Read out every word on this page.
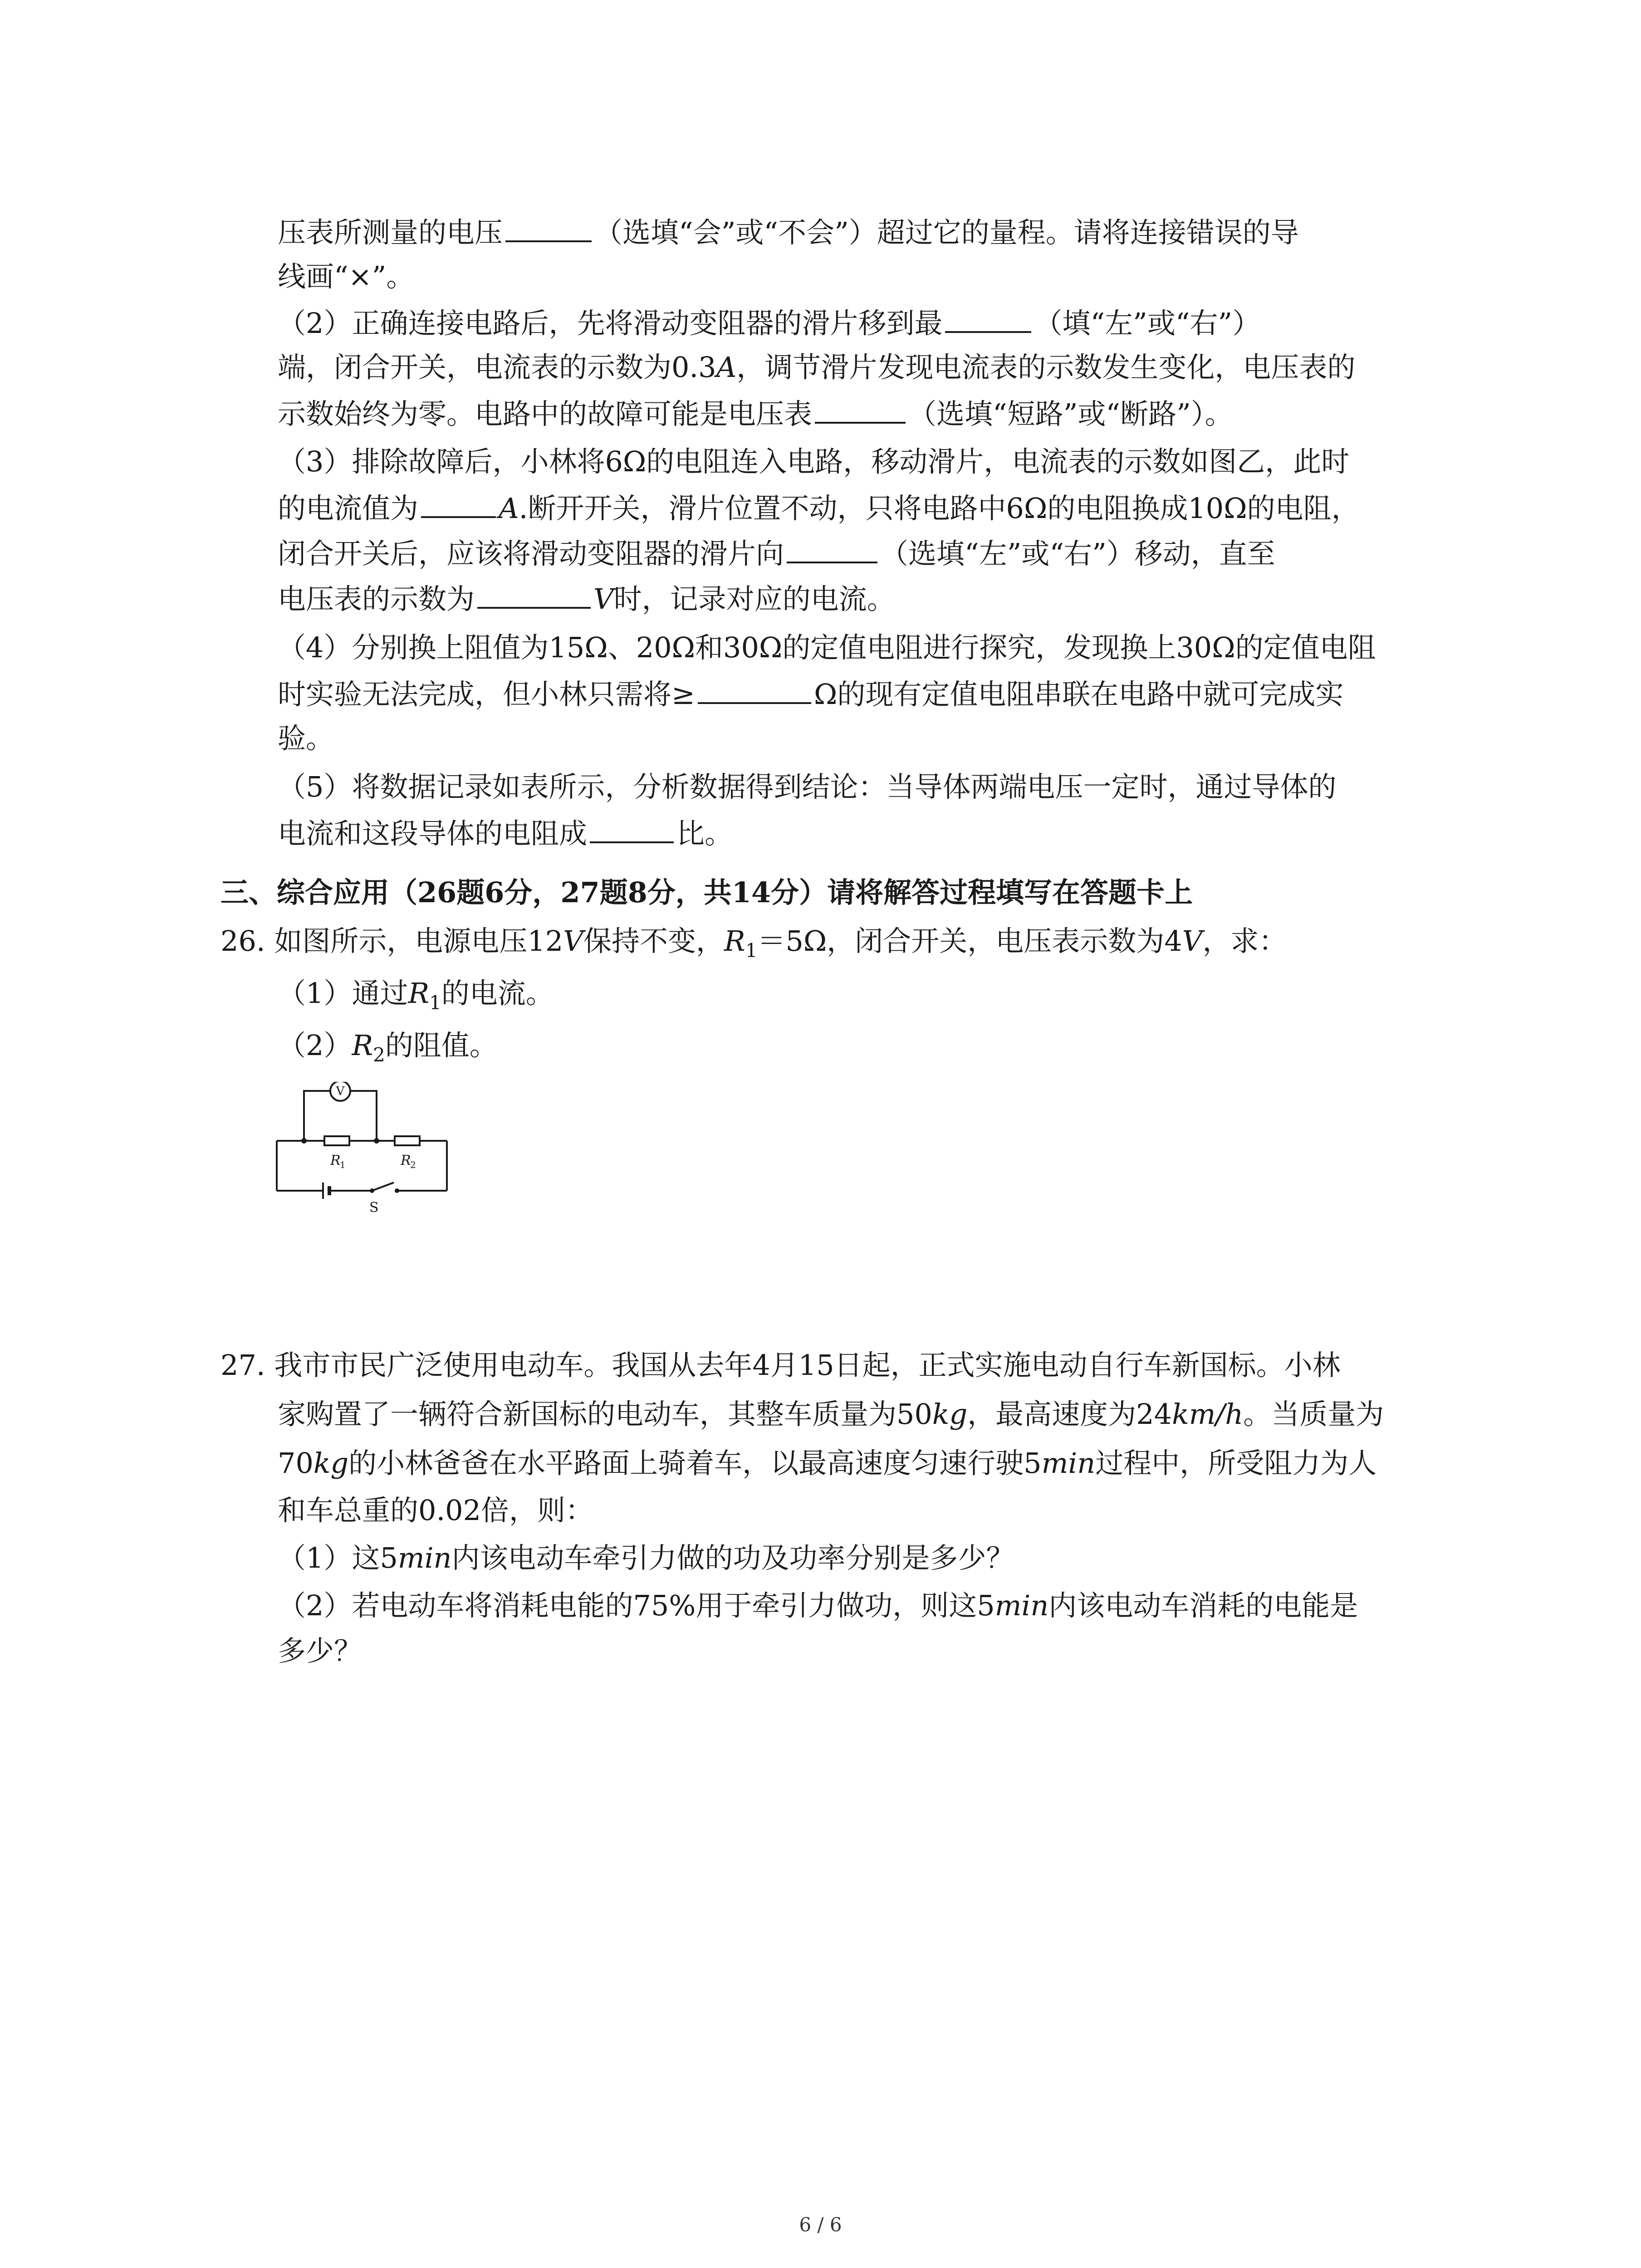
压表所测量的电压	（选填“会”或“不会”）超过它的量程。请将连接错误的导
线画“×”。
（2）正确连接电路后，先将滑动变阻器的滑片移到最	（填“左”或“右”）
端，闭合开关，电流表的示数为0.3A，调节滑片发现电流表的示数发生变化，电压表的
示数始终为零。电路中的故障可能是电压表	（选填“短路”或“断路”）。
（3）排除故障后，小林将6Ω的电阻连入电路，移动滑片，电流表的示数如图乙，此时
的电流值为	A.断开开关，滑片位置不动，只将电路中6Ω的电阻换成10Ω的电阻，
闭合开关后，应该将滑动变阻器的滑片向	（选填“左”或“右”）移动，直至
电压表的示数为	V时，记录对应的电流。
（4）分别换上阻值为15Ω、20Ω和30Ω的定值电阻进行探究，发现换上30Ω的定值电阻
时实验无法完成，但小林只需将≥	Ω的现有定值电阻串联在电路中就可完成实
验。
（5）将数据记录如表所示，分析数据得到结论：当导体两端电压一定时，通过导体的
电流和这段导体的电阻成	比。
三、综合应用（26题6分，27题8分，共14分）请将解答过程填写在答题卡上
26. 如图所示，电源电压12V保持不变，$R_1=5\Omega$，闭合开关，电压表示数为4V，求：
（1）通过$R_1$的电流。
$(2)R_2$的阻值。
V
R
1	R
2
S
27. 我市市民广泛使用电动车。我国从去年4月15日起，正式实施电动自行车新国标。小林
家购置了一辆符合新国标的电动车，其整车质量为50kg，最高速度为24km/h。当质量为
70kg的小林爸爸在水平路面上骑着车，以最高速度匀速行驶5min过程中，所受阻力为人
和车总重的0.02倍，则：
（1）这5min内该电动车牵引力做的功及功率分别是多少？
（2）若电动车将消耗电能的75%用于牵引力做功，则这5min内该电动车消耗的电能是
多少？
6 / 6
